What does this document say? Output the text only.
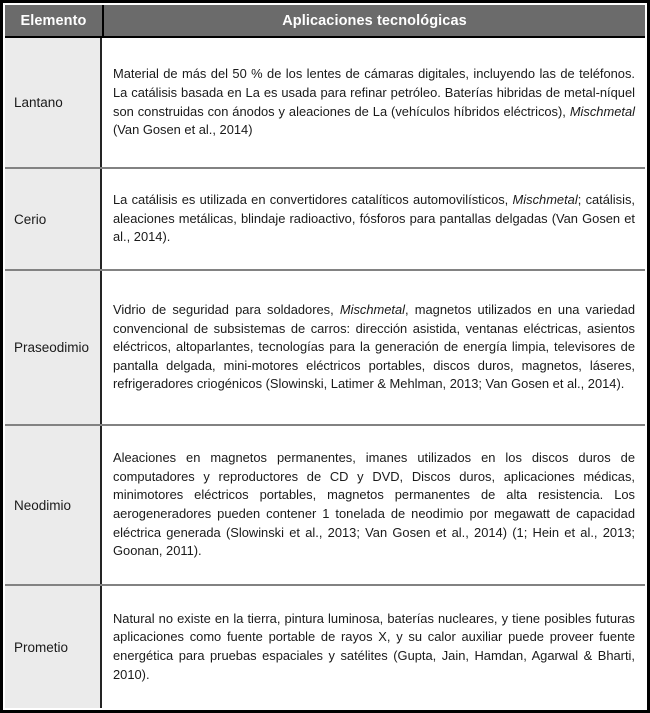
Elemento	Aplicaciones tecnológicas
Lantano

Material de más del 50 % de los lentes de cámaras digitales, incluyendo las de teléfonos. La catálisis basada en La es usada para refinar petróleo. Baterías hibridas de metal-níquel son construidas con ánodos y aleaciones de La (vehículos híbridos eléctricos), Mischmetal (Van Gosen et al., 2014)

Cerio

La catálisis es utilizada en convertidores catalíticos automovilísticos, Mischmetal; catálisis, aleaciones metálicas, blindaje radioactivo, fósforos para pantallas delgadas (Van Gosen et al., 2014).

Praseodimio

Vidrio de seguridad para soldadores, Mischmetal, magnetos utilizados en una variedad convencional de subsistemas de carros: dirección asistida, ventanas eléctricas, asientos eléctricos, altoparlantes, tecnologías para la generación de energía limpia, televisores de pantalla delgada, mini-motores eléctricos portables, discos duros, magnetos, láseres, refrigeradores criogénicos (Slowinski, Latimer & Mehlman, 2013; Van Gosen et al., 2014).

Neodimio

Aleaciones en magnetos permanentes, imanes utilizados en los discos duros de computadores y reproductores de CD y DVD, Discos duros, aplicaciones médicas, minimotores eléctricos portables, magnetos permanentes de alta resistencia. Los aerogeneradores pueden contener 1 tonelada de neodimio por megawatt de capacidad eléctrica generada (Slowinski et al., 2013; Van Gosen et al., 2014) (1; Hein et al., 2013; Goonan, 2011).

Prometio

Natural no existe en la tierra, pintura luminosa, baterías nucleares, y tiene posibles futuras aplicaciones como fuente portable de rayos X, y su calor auxiliar puede proveer fuente energética para pruebas espaciales y satélites (Gupta, Jain, Hamdan, Agarwal & Bharti, 2010).
